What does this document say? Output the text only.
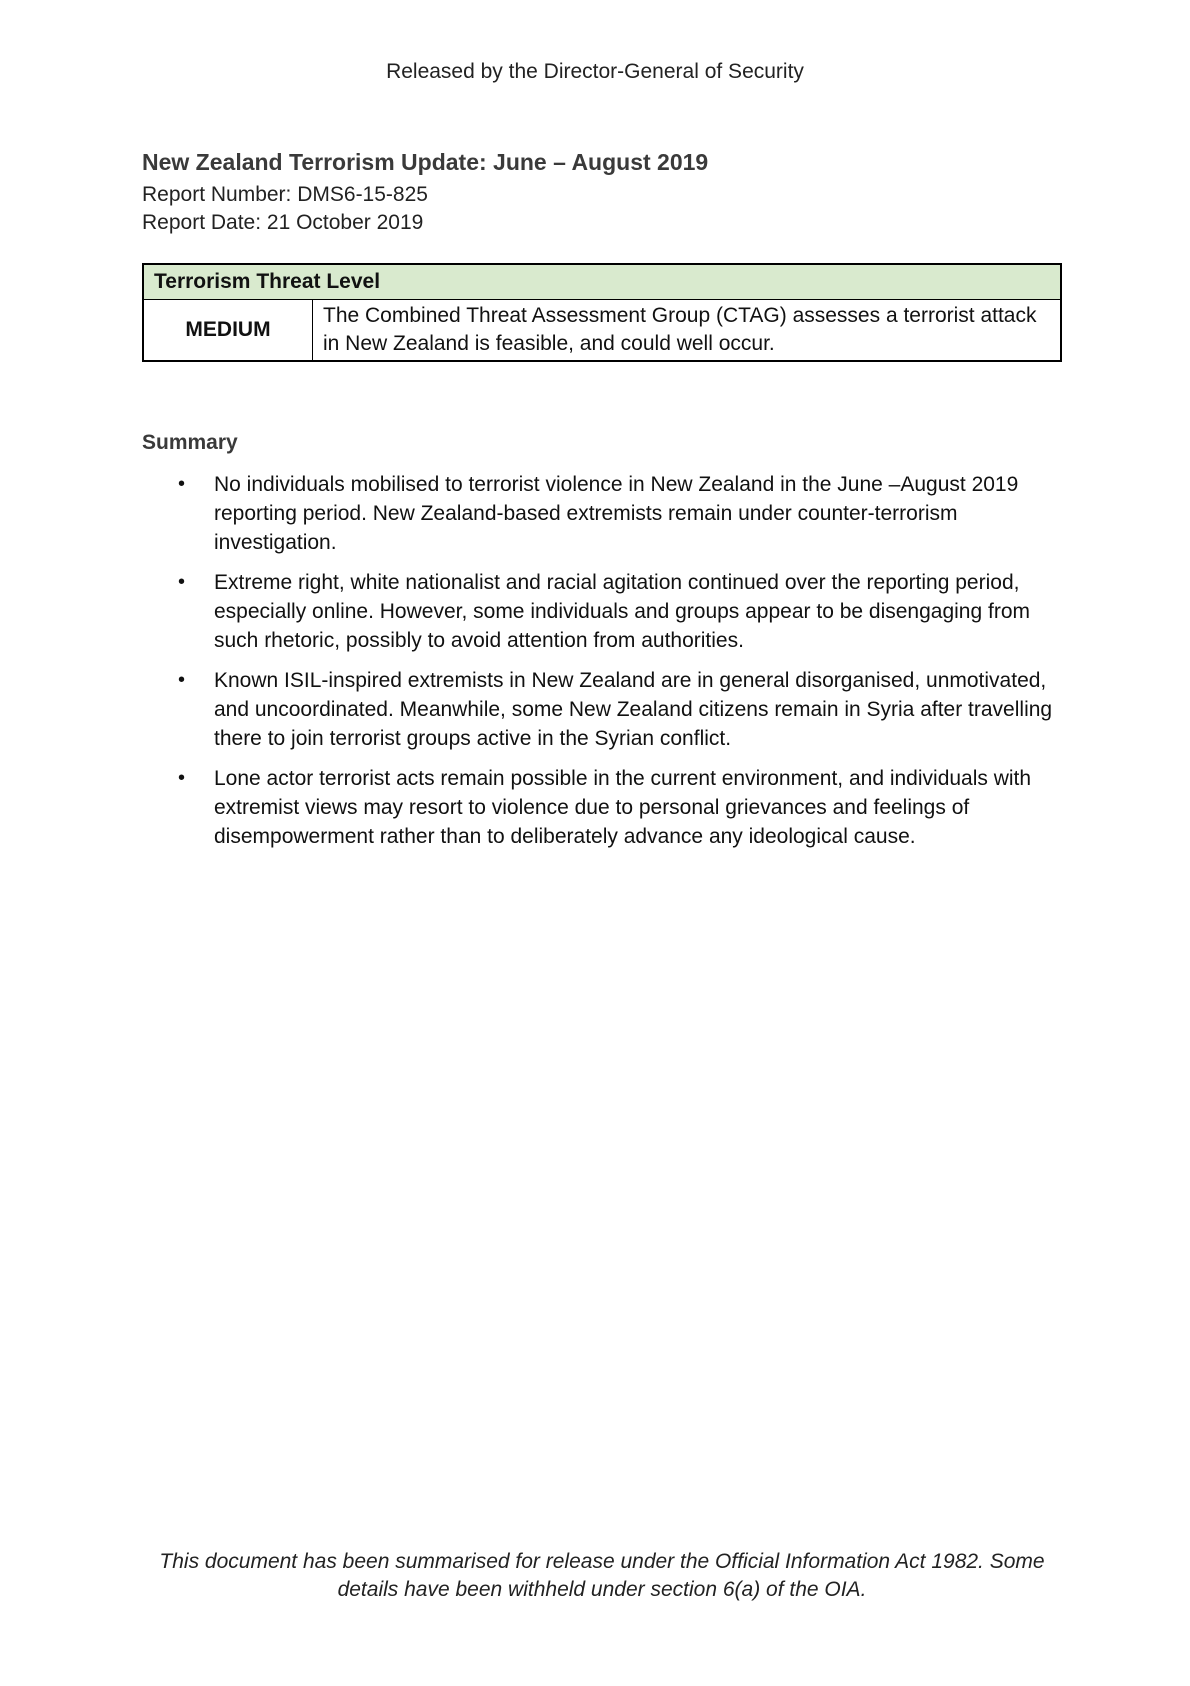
Released by the Director-General of Security
New Zealand Terrorism Update: June – August 2019
Report Number: DMS6-15-825
Report Date: 21 October 2019
Terrorism Threat Level
MEDIUM	The Combined Threat Assessment Group (CTAG) assesses a terrorist attack in New Zealand is feasible, and could well occur.
Summary
• No individuals mobilised to terrorist violence in New Zealand in the June –August 2019 reporting period. New Zealand-based extremists remain under counter-terrorism investigation.
• Extreme right, white nationalist and racial agitation continued over the reporting period, especially online. However, some individuals and groups appear to be disengaging from such rhetoric, possibly to avoid attention from authorities.
• Known ISIL-inspired extremists in New Zealand are in general disorganised, unmotivated, and uncoordinated. Meanwhile, some New Zealand citizens remain in Syria after travelling there to join terrorist groups active in the Syrian conflict.
• Lone actor terrorist acts remain possible in the current environment, and individuals with extremist views may resort to violence due to personal grievances and feelings of disempowerment rather than to deliberately advance any ideological cause.
This document has been summarised for release under the Official Information Act 1982. Some details have been withheld under section 6(a) of the OIA.
